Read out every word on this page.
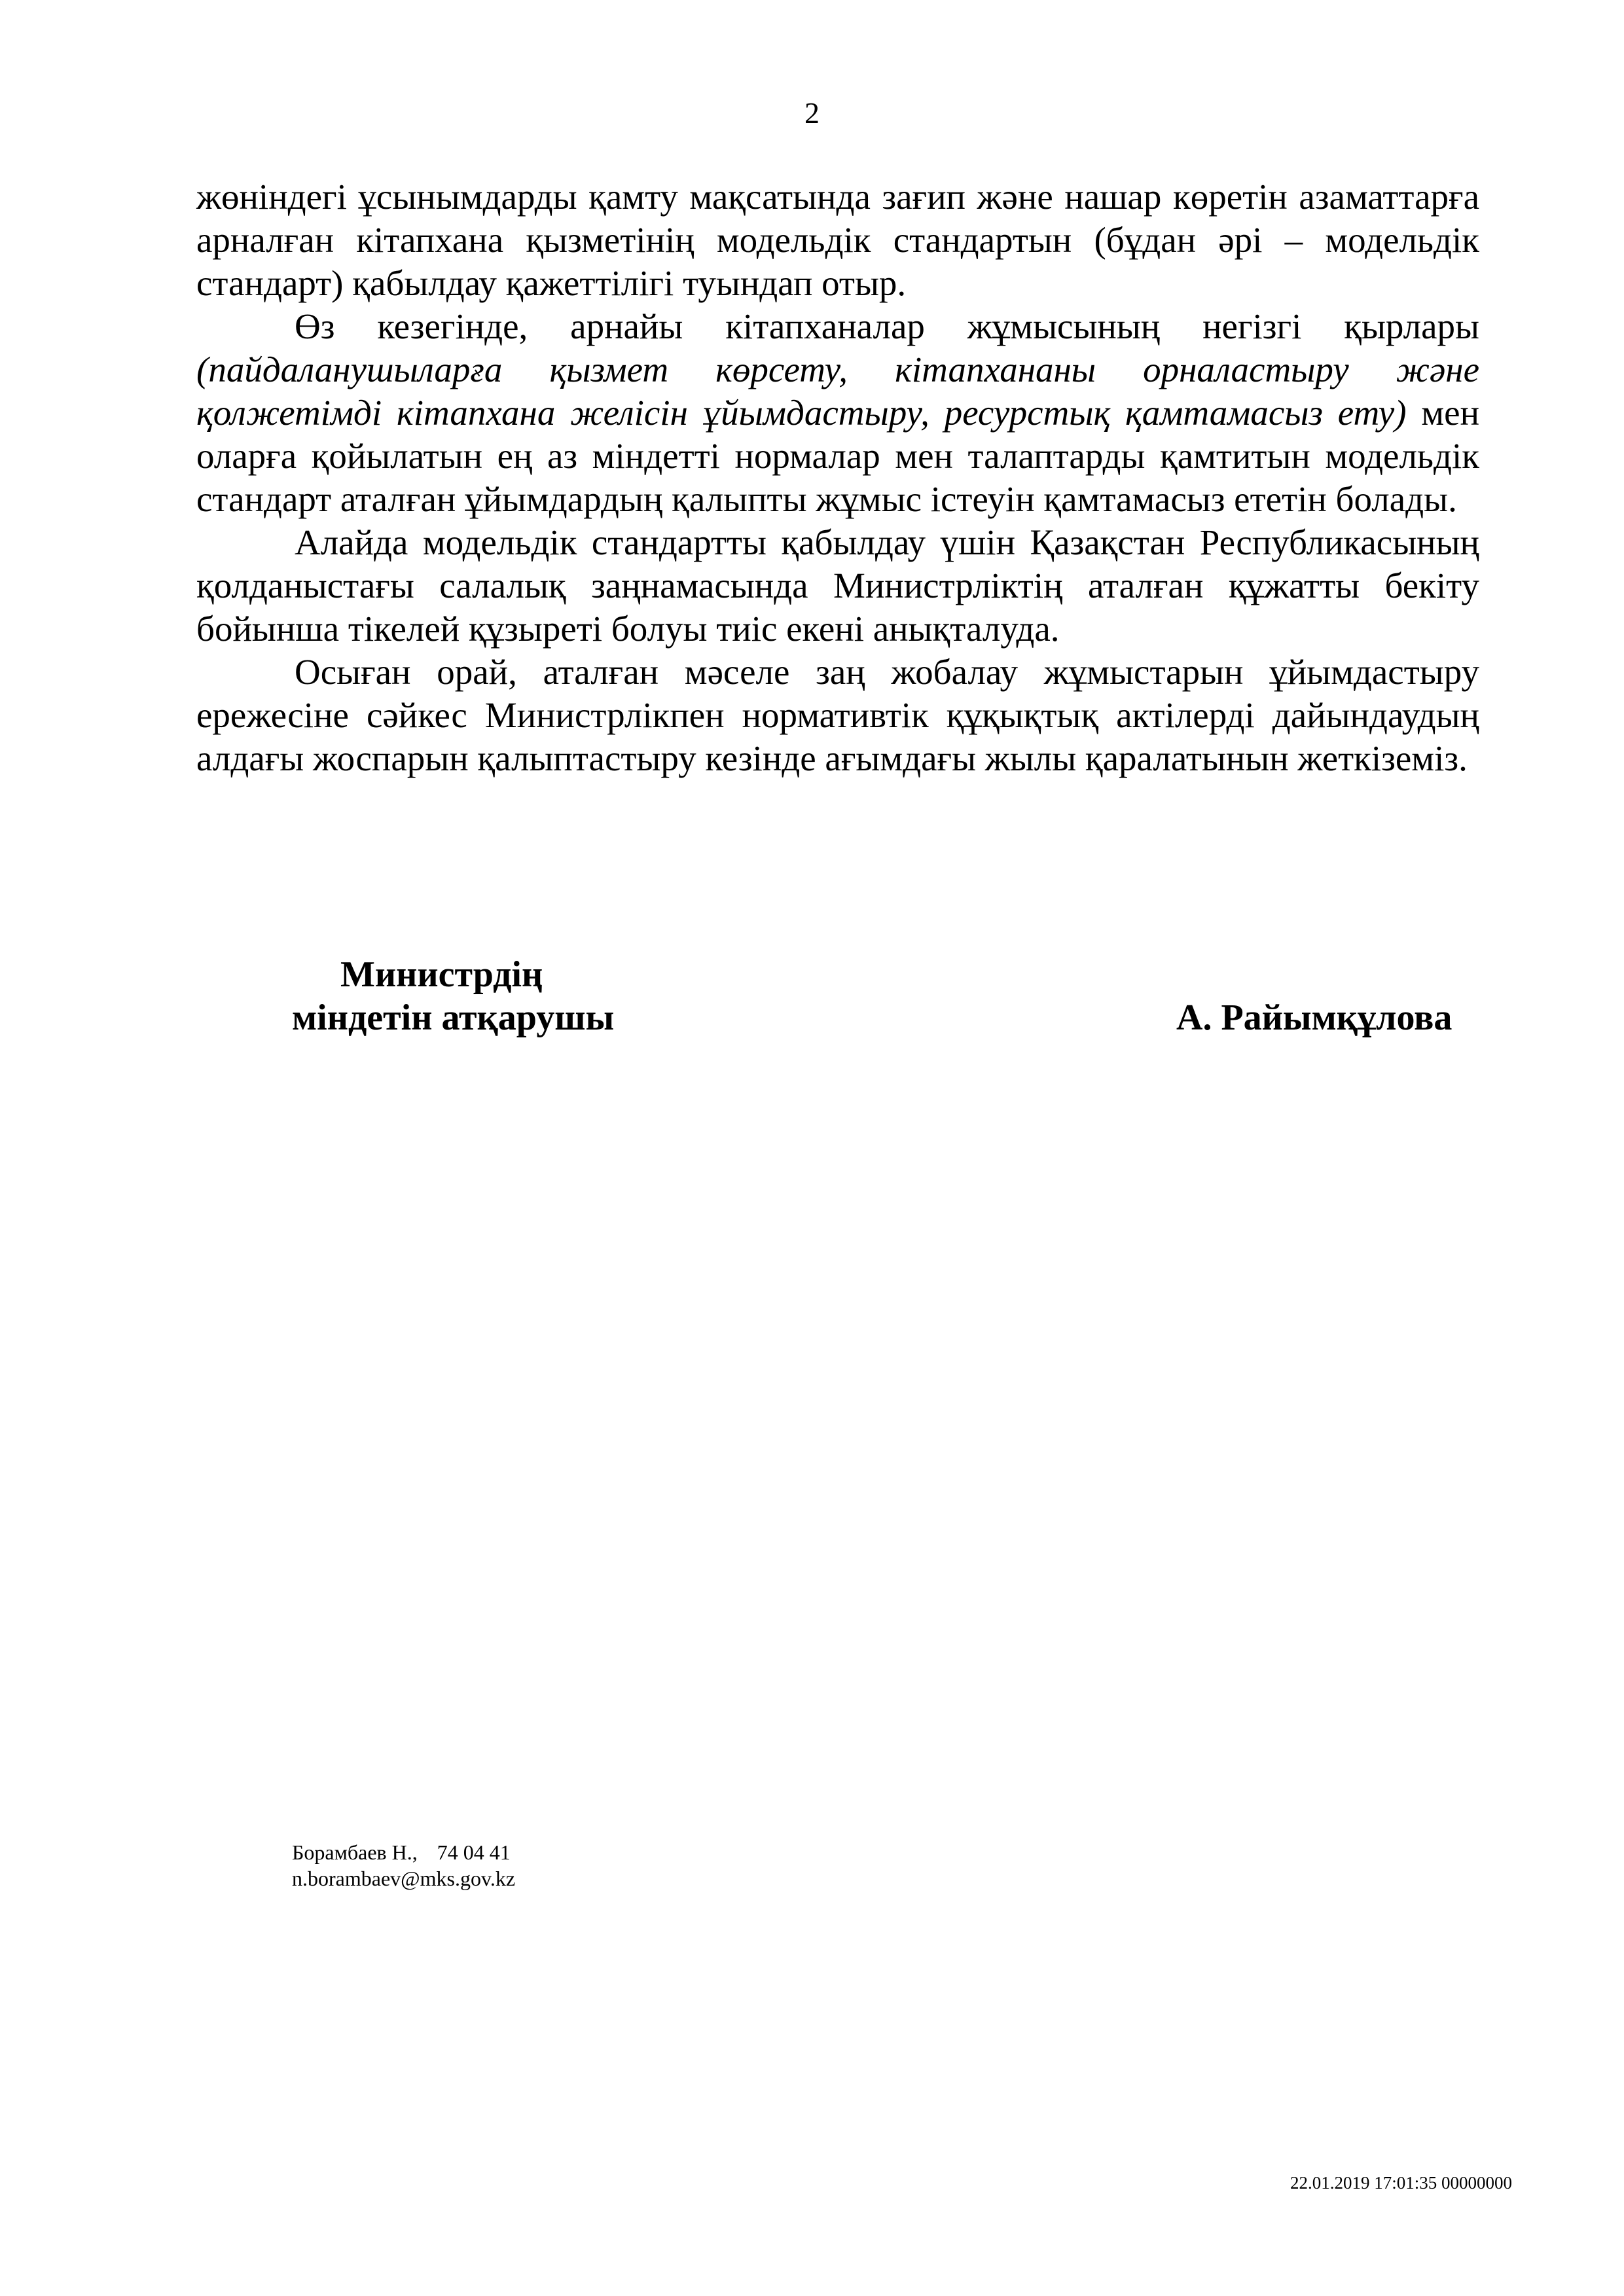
2

жөніндегі ұсынымдарды қамту мақсатында зағип және нашар көретін азаматтарға арналған кітапхана қызметінің модельдік стандартын (бұдан әрі – модельдік стандарт) қабылдау қажеттілігі туындап отыр.

Өз кезегінде, арнайы кітапханалар жұмысының негізгі қырлары (пайдаланушыларға қызмет көрсету, кітапхананы орналастыру және қолжетімді кітапхана желісін ұйымдастыру, ресурстық қамтамасыз ету) мен оларға қойылатын ең аз міндетті нормалар мен талаптарды қамтитын модельдік стандарт аталған ұйымдардың қалыпты жұмыс істеуін қамтамасыз ететін болады.

Алайда модельдік стандартты қабылдау үшін Қазақстан Республикасының қолданыстағы салалық заңнамасында Министрліктің аталған құжатты бекіту бойынша тікелей құзыреті болуы тиіс екені анықталуда.

Осыған орай, аталған мәселе заң жобалау жұмыстарын ұйымдастыру ережесіне сәйкес Министрлікпен нормативтік құқықтық актілерді дайындаудың алдағы жоспарын қалыптастыру кезінде ағымдағы жылы қаралатынын жеткіземіз.

Министрдің
міндетін атқарушы	А. Райымқұлова
Борамбаев Н., 74 04 41
n.borambaev@mks.gov.kz
22.01.2019 17:01:35 00000000
